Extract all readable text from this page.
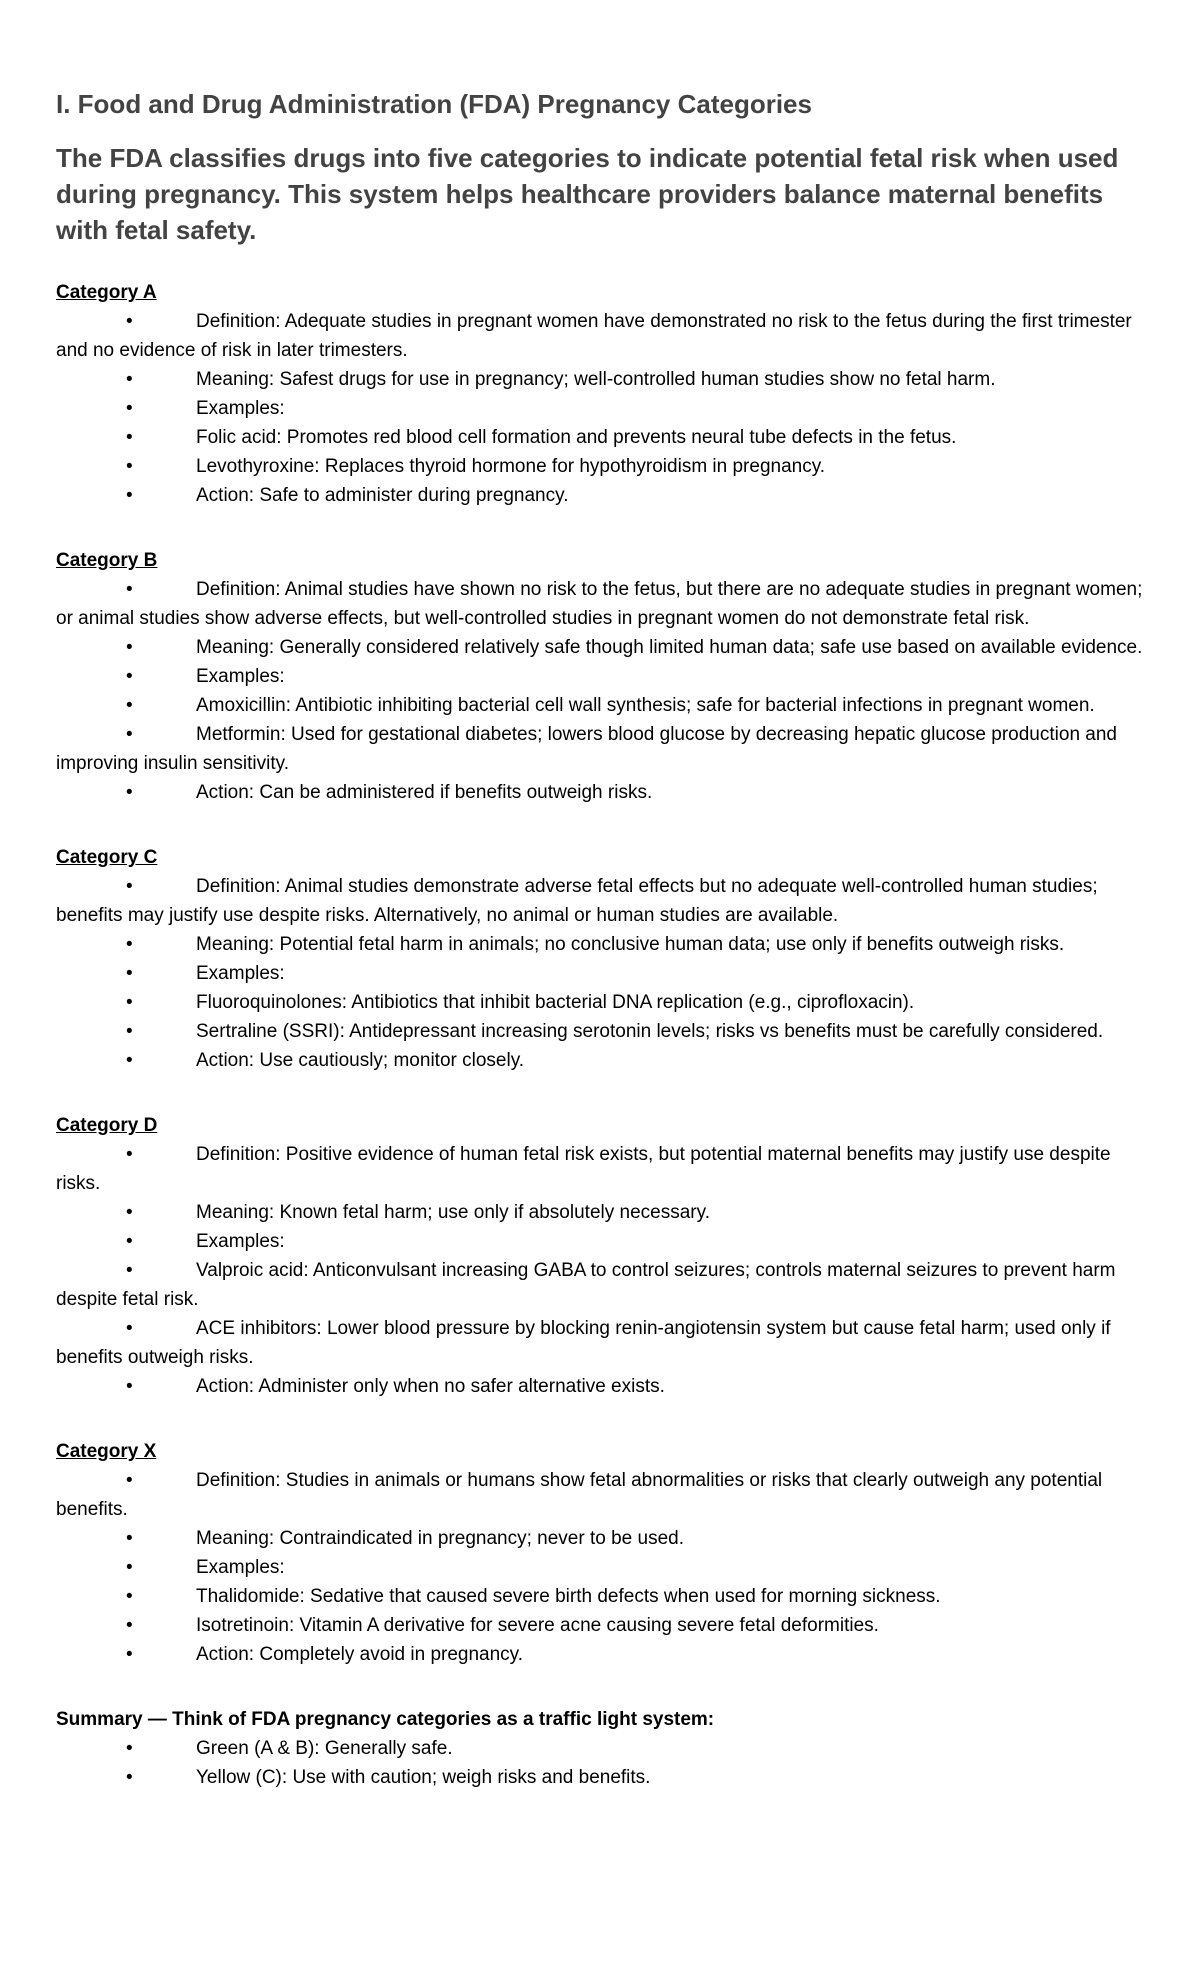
I. Food and Drug Administration (FDA) Pregnancy Categories

The FDA classifies drugs into five categories to indicate potential fetal risk when used during pregnancy. This system helps healthcare providers balance maternal benefits with fetal safety.

Category A

•	Definition: Adequate studies in pregnant women have demonstrated no risk to the fetus during the first trimester and no evidence of risk in later trimesters.

•	Meaning: Safest drugs for use in pregnancy; well-controlled human studies show no fetal harm.

•	Examples:

•	Folic acid: Promotes red blood cell formation and prevents neural tube defects in the fetus.

•	Levothyroxine: Replaces thyroid hormone for hypothyroidism in pregnancy.

•	Action: Safe to administer during pregnancy.

Category B

•	Definition: Animal studies have shown no risk to the fetus, but there are no adequate studies in pregnant women; or animal studies show adverse effects, but well-controlled studies in pregnant women do not demonstrate fetal risk.

•	Meaning: Generally considered relatively safe though limited human data; safe use based on available evidence.

•	Examples:

•	Amoxicillin: Antibiotic inhibiting bacterial cell wall synthesis; safe for bacterial infections in pregnant women.

•	Metformin: Used for gestational diabetes; lowers blood glucose by decreasing hepatic glucose production and improving insulin sensitivity.

•	Action: Can be administered if benefits outweigh risks.

Category C

•	Definition: Animal studies demonstrate adverse fetal effects but no adequate well-controlled human studies; benefits may justify use despite risks. Alternatively, no animal or human studies are available.

•	Meaning: Potential fetal harm in animals; no conclusive human data; use only if benefits outweigh risks.

•	Examples:

•	Fluoroquinolones: Antibiotics that inhibit bacterial DNA replication (e.g., ciprofloxacin).

•	Sertraline (SSRI): Antidepressant increasing serotonin levels; risks vs benefits must be carefully considered.

•	Action: Use cautiously; monitor closely.

Category D

•	Definition: Positive evidence of human fetal risk exists, but potential maternal benefits may justify use despite risks.

•	Meaning: Known fetal harm; use only if absolutely necessary.

•	Examples:

•	Valproic acid: Anticonvulsant increasing GABA to control seizures; controls maternal seizures to prevent harm despite fetal risk.

•	ACE inhibitors: Lower blood pressure by blocking renin-angiotensin system but cause fetal harm; used only if benefits outweigh risks.

•	Action: Administer only when no safer alternative exists.

Category X

•	Definition: Studies in animals or humans show fetal abnormalities or risks that clearly outweigh any potential benefits.

•	Meaning: Contraindicated in pregnancy; never to be used.

•	Examples:

•	Thalidomide: Sedative that caused severe birth defects when used for morning sickness.

•	Isotretinoin: Vitamin A derivative for severe acne causing severe fetal deformities.

•	Action: Completely avoid in pregnancy.

Summary — Think of FDA pregnancy categories as a traffic light system:

•	Green (A & B): Generally safe.

•	Yellow (C): Use with caution; weigh risks and benefits.
